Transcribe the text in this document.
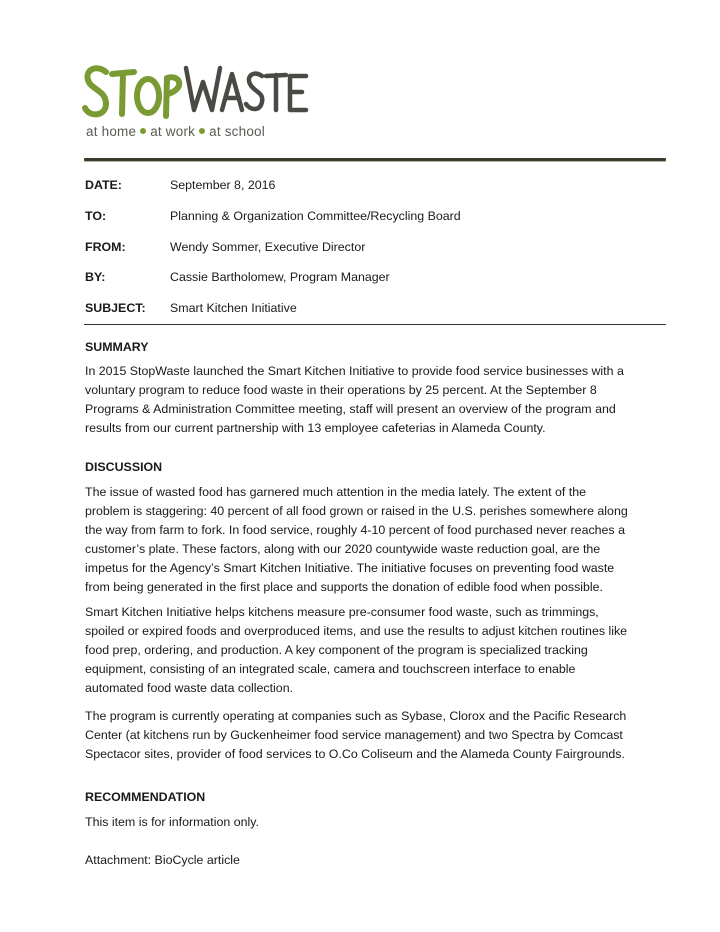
at home at work at school
DATE:	September 8, 2016
TO:	Planning & Organization Committee/Recycling Board
FROM:	Wendy Sommer, Executive Director
BY:	Cassie Bartholomew, Program Manager
SUBJECT: Smart Kitchen Initiative
SUMMARY
In 2015 StopWaste launched the Smart Kitchen Initiative to provide food service businesses with a
voluntary program to reduce food waste in their operations by 25 percent. At the September 8
Programs & Administration Committee meeting, staff will present an overview of the program and
results from our current partnership with 13 employee cafeterias in Alameda County.
DISCUSSION
The issue of wasted food has garnered much attention in the media lately. The extent of the
problem is staggering: 40 percent of all food grown or raised in the U.S. perishes somewhere along
the way from farm to fork. In food service, roughly 4-10 percent of food purchased never reaches a
customer’s plate. These factors, along with our 2020 countywide waste reduction goal, are the
impetus for the Agency’s Smart Kitchen Initiative. The initiative focuses on preventing food waste
from being generated in the first place and supports the donation of edible food when possible.
Smart Kitchen Initiative helps kitchens measure pre-consumer food waste, such as trimmings,
spoiled or expired foods and overproduced items, and use the results to adjust kitchen routines like
food prep, ordering, and production. A key component of the program is specialized tracking
equipment, consisting of an integrated scale, camera and touchscreen interface to enable
automated food waste data collection.
The program is currently operating at companies such as Sybase, Clorox and the Pacific Research
Center (at kitchens run by Guckenheimer food service management) and two Spectra by Comcast
Spectacor sites, provider of food services to O.Co Coliseum and the Alameda County Fairgrounds.
RECOMMENDATION
This item is for information only.
Attachment: BioCycle article
